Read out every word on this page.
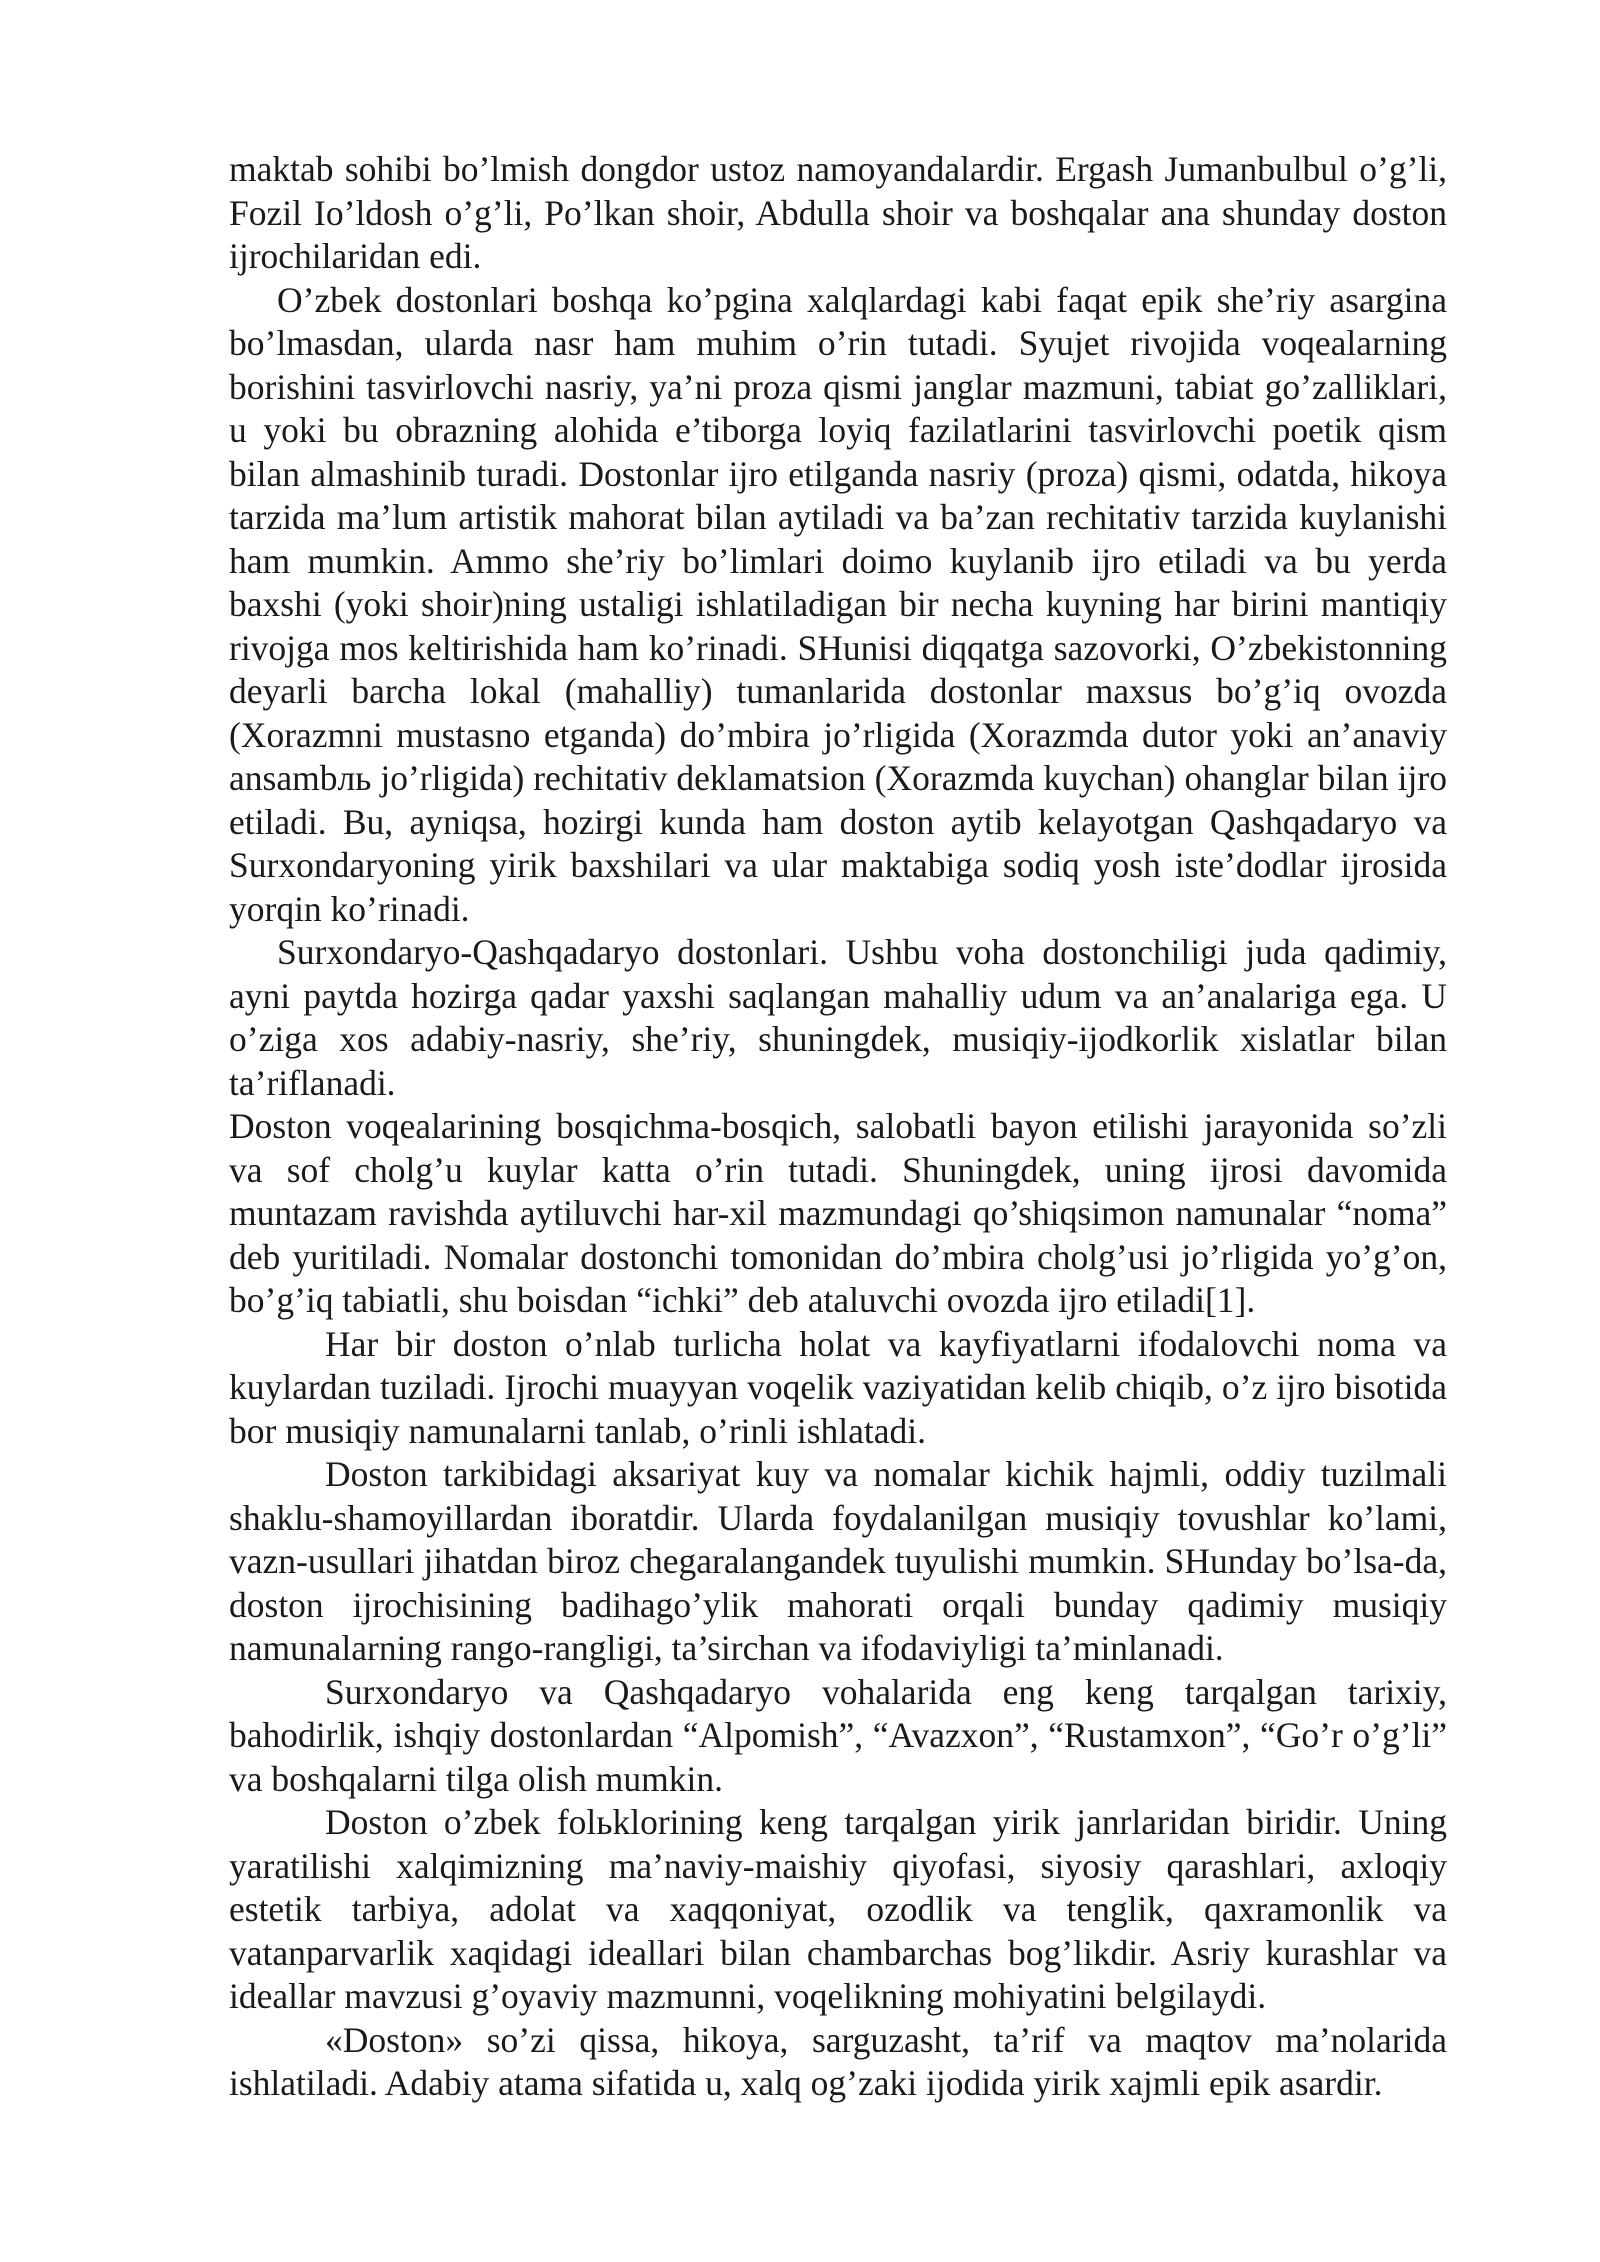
maktab sohibi bo’lmish dongdor ustoz namoyandalardir. Ergash Jumanbulbul o’g’li, Fozil Io’ldosh o’g’li, Po’lkan shoir, Abdulla shoir va boshqalar ana shunday doston ijrochilaridan edi.

O’zbek dostonlari boshqa ko’pgina xalqlardagi kabi faqat epik she’riy asargina bo’lmasdan, ularda nasr ham muhim o’rin tutadi. Syujet rivojida voqealarning borishini tasvirlovchi nasriy, ya’ni proza qismi janglar mazmuni, tabiat go’zalliklari, u yoki bu obrazning alohida e’tiborga loyiq fazilatlarini tasvirlovchi poetik qism bilan almashinib turadi. Dostonlar ijro etilganda nasriy (proza) qismi, odatda, hikoya tarzida ma’lum artistik mahorat bilan aytiladi va ba’zan rechitativ tarzida kuylanishi ham mumkin. Ammo she’riy bo’limlari doimo kuylanib ijro etiladi va bu yerda baxshi (yoki shoir)ning ustaligi ishlatiladigan bir necha kuyning har birini mantiqiy rivojga mos keltirishida ham ko’rinadi. SHunisi diqqatga sazovorki, O’zbekistonning deyarli barcha lokal (mahalliy) tumanlarida dostonlar maxsus bo’g’iq ovozda (Xorazmni mustasno etganda) do’mbira jo’rligida (Xorazmda dutor yoki an’anaviy ansambль jo’rligida) rechitativ deklamatsion (Xorazmda kuychan) ohanglar bilan ijro etiladi. Bu, ayniqsa, hozirgi kunda ham doston aytib kelayotgan Qashqadaryo va Surxondaryoning yirik baxshilari va ular maktabiga sodiq yosh iste’dodlar ijrosida yorqin ko’rinadi.

Surxondaryo-Qashqadaryo dostonlari. Ushbu voha dostonchiligi juda qadimiy, ayni paytda hozirga qadar yaxshi saqlangan mahalliy udum va an’analariga ega. U o’ziga xos adabiy-nasriy, she’riy, shuningdek, musiqiy-ijodkorlik xislatlar bilan ta’riflanadi.

Doston voqealarining bosqichma-bosqich, salobatli bayon etilishi jarayonida so’zli va sof cholg’u kuylar katta o’rin tutadi. Shuningdek, uning ijrosi davomida muntazam ravishda aytiluvchi har-xil mazmundagi qo’shiqsimon namunalar “noma” deb yuritiladi. Nomalar dostonchi tomonidan do’mbira cholg’usi jo’rligida yo’g’on, bo’g’iq tabiatli, shu boisdan “ichki” deb ataluvchi ovozda ijro etiladi[1].

Har bir doston o’nlab turlicha holat va kayfiyatlarni ifodalovchi noma va kuylardan tuziladi. Ijrochi muayyan voqelik vaziyatidan kelib chiqib, o’z ijro bisotida bor musiqiy namunalarni tanlab, o’rinli ishlatadi.

Doston tarkibidagi aksariyat kuy va nomalar kichik hajmli, oddiy tuzilmali shaklu-shamoyillardan iboratdir. Ularda foydalanilgan musiqiy tovushlar ko’lami, vazn-usullari jihatdan biroz chegaralangandek tuyulishi mumkin. SHunday bo’lsa-da, doston ijrochisining badihago’ylik mahorati orqali bunday qadimiy musiqiy namunalarning rango-rangligi, ta’sirchan va ifodaviyligi ta’minlanadi.

Surxondaryo va Qashqadaryo vohalarida eng keng tarqalgan tarixiy, bahodirlik, ishqiy dostonlardan “Alpomish”, “Avazxon”, “Rustamxon”, “Go’r o’g’li” va boshqalarni tilga olish mumkin.

Doston o’zbek folьklorining keng tarqalgan yirik janrlaridan biridir. Uning yaratilishi xalqimizning ma’naviy-maishiy qiyofasi, siyosiy qarashlari, axloqiy estetik tarbiya, adolat va xaqqoniyat, ozodlik va tenglik, qaxramonlik va vatanparvarlik xaqidagi ideallari bilan chambarchas bog’likdir. Asriy kurashlar va ideallar mavzusi g’oyaviy mazmunni, voqelikning mohiyatini belgilaydi.

«Doston» so’zi qissa, hikoya, sarguzasht, ta’rif va maqtov ma’nolarida ishlatiladi. Adabiy atama sifatida u, xalq og’zaki ijodida yirik xajmli epik asardir.
